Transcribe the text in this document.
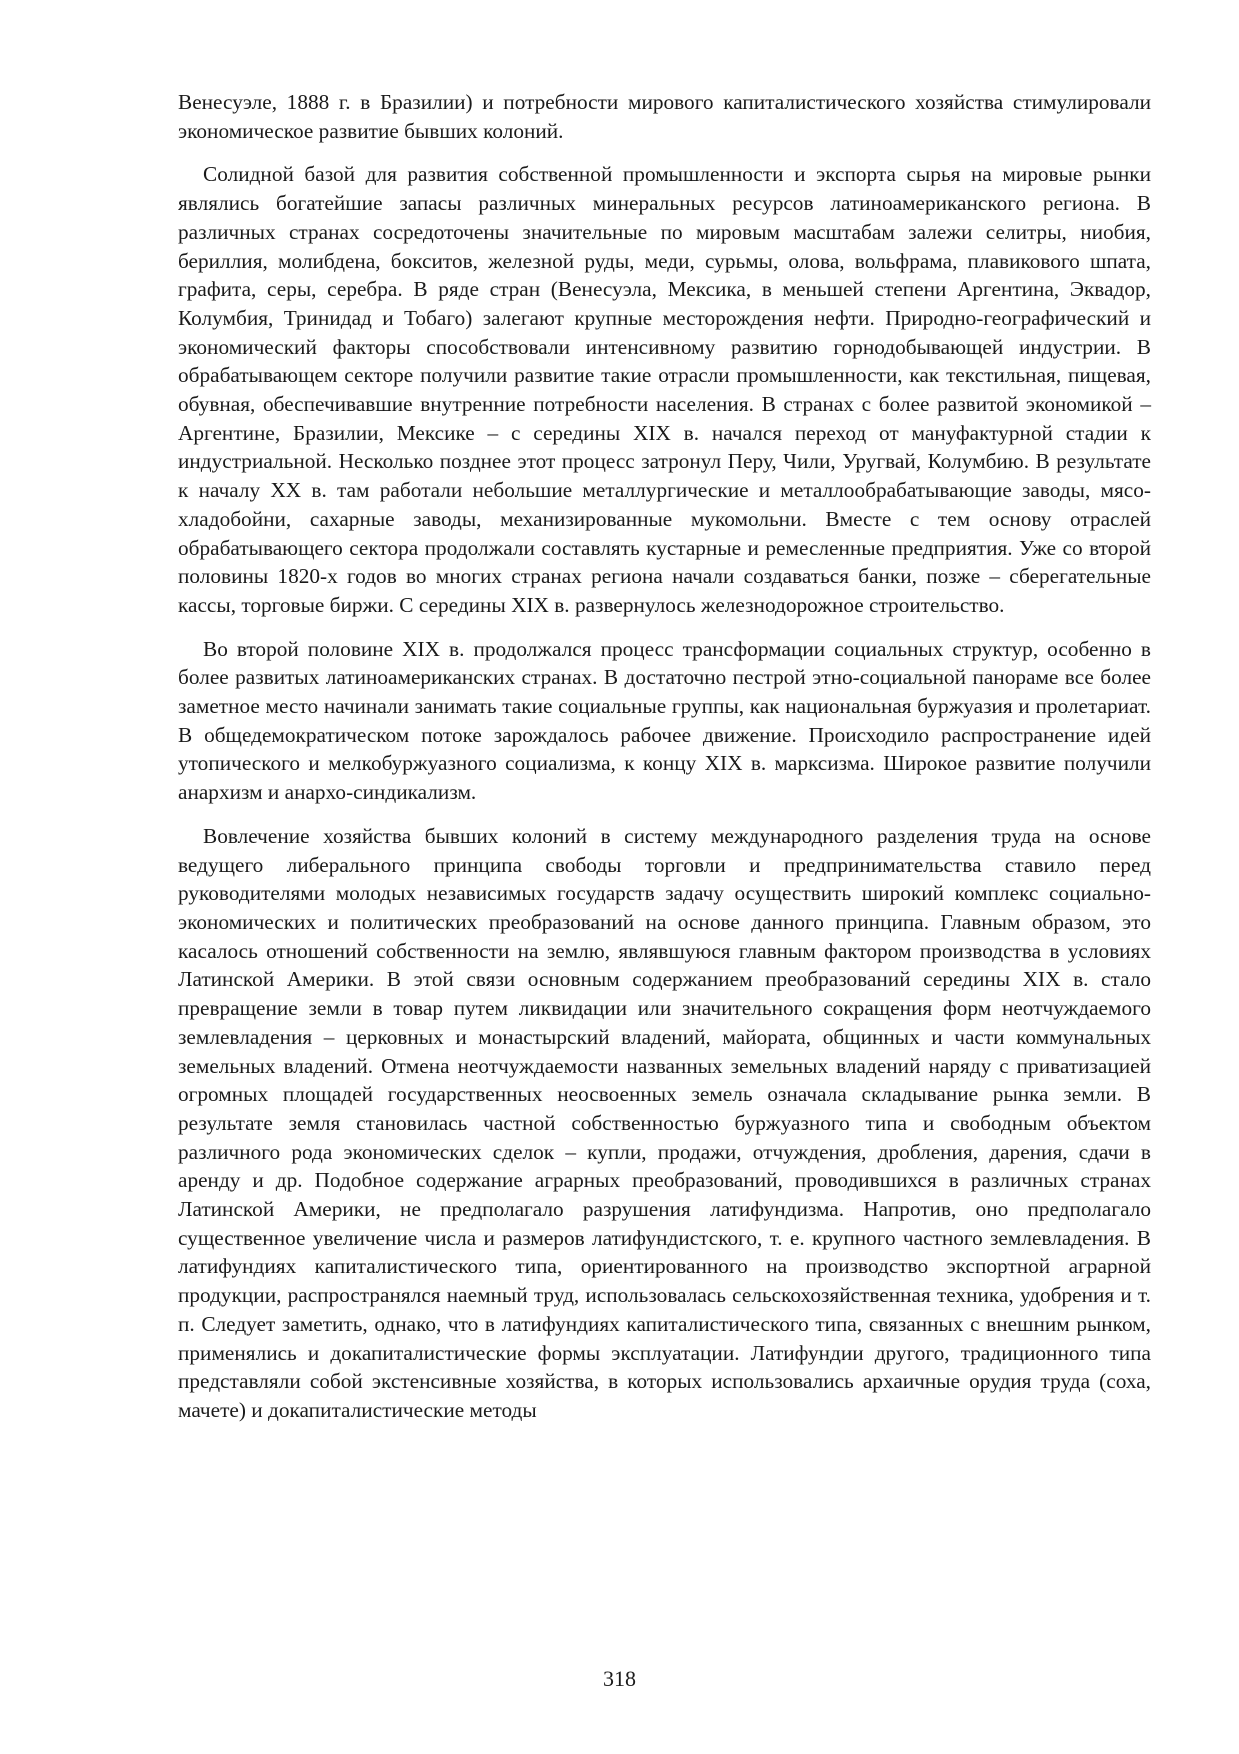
Венесуэле, 1888 г. в Бразилии) и потребности мирового капиталистического хозяйства стимулировали экономическое развитие бывших колоний.

Солидной базой для развития собственной промышленности и экспорта сырья на мировые рынки являлись богатейшие запасы различных минеральных ресурсов латиноамериканского региона. В различных странах сосредоточены значительные по мировым масштабам залежи селитры, ниобия, бериллия, молибдена, бокситов, железной руды, меди, сурьмы, олова, вольфрама, плавикового шпата, графита, серы, серебра. В ряде стран (Венесуэла, Мексика, в меньшей степени Аргентина, Эквадор, Колумбия, Тринидад и Тобаго) залегают крупные месторождения нефти. Природно-географический и экономический факторы способствовали интенсивному развитию горнодобывающей индустрии. В обрабатывающем секторе получили развитие такие отрасли промышленности, как текстильная, пищевая, обувная, обеспечивавшие внутренние потребности населения. В странах с более развитой экономикой – Аргентине, Бразилии, Мексике – с середины XIX в. начался переход от мануфактурной стадии к индустриальной. Несколько позднее этот процесс затронул Перу, Чили, Уругвай, Колумбию. В результате к началу XX в. там работали небольшие металлургические и металлообрабатывающие заводы, мясо-хладобойни, сахарные заводы, механизированные мукомольни. Вместе с тем основу отраслей обрабатывающего сектора продолжали составлять кустарные и ремесленные предприятия. Уже со второй половины 1820-х годов во многих странах региона начали создаваться банки, позже – сберегательные кассы, торговые биржи. С середины XIX в. развернулось железнодорожное строительство.

Во второй половине XIX в. продолжался процесс трансформации социальных структур, особенно в более развитых латиноамериканских странах. В достаточно пестрой этно-социальной панораме все более заметное место начинали занимать такие социальные группы, как национальная буржуазия и пролетариат. В общедемократическом потоке зарождалось рабочее движение. Происходило распространение идей утопического и мелкобуржуазного социализма, к концу XIX в. марксизма. Широкое развитие получили анархизм и анархо-синдикализм.

Вовлечение хозяйства бывших колоний в систему международного разделения труда на основе ведущего либерального принципа свободы торговли и предпринимательства ставило перед руководителями молодых независимых государств задачу осуществить широкий комплекс социально-экономических и политических преобразований на основе данного принципа. Главным образом, это касалось отношений собственности на землю, являвшуюся главным фактором производства в условиях Латинской Америки. В этой связи основным содержанием преобразований середины XIX в. стало превращение земли в товар путем ликвидации или значительного сокращения форм неотчуждаемого землевладения – церковных и монастырский владений, майората, общинных и части коммунальных земельных владений. Отмена неотчуждаемости названных земельных владений наряду с приватизацией огромных площадей государственных неосвоенных земель означала складывание рынка земли. В результате земля становилась частной собственностью буржуазного типа и свободным объектом различного рода экономических сделок – купли, продажи, отчуждения, дробления, дарения, сдачи в аренду и др. Подобное содержание аграрных преобразований, проводившихся в различных странах Латинской Америки, не предполагало разрушения латифундизма. Напротив, оно предполагало существенное увеличение числа и размеров латифундистского, т. е. крупного частного землевладения. В латифундиях капиталистического типа, ориентированного на производство экспортной аграрной продукции, распространялся наемный труд, использовалась сельскохозяйственная техника, удобрения и т. п. Следует заметить, однако, что в латифундиях капиталистического типа, связанных с внешним рынком, применялись и докапиталистические формы эксплуатации. Латифундии другого, традиционного типа представляли собой экстенсивные хозяйства, в которых использовались архаичные орудия труда (соха, мачете) и докапиталистические методы

318
